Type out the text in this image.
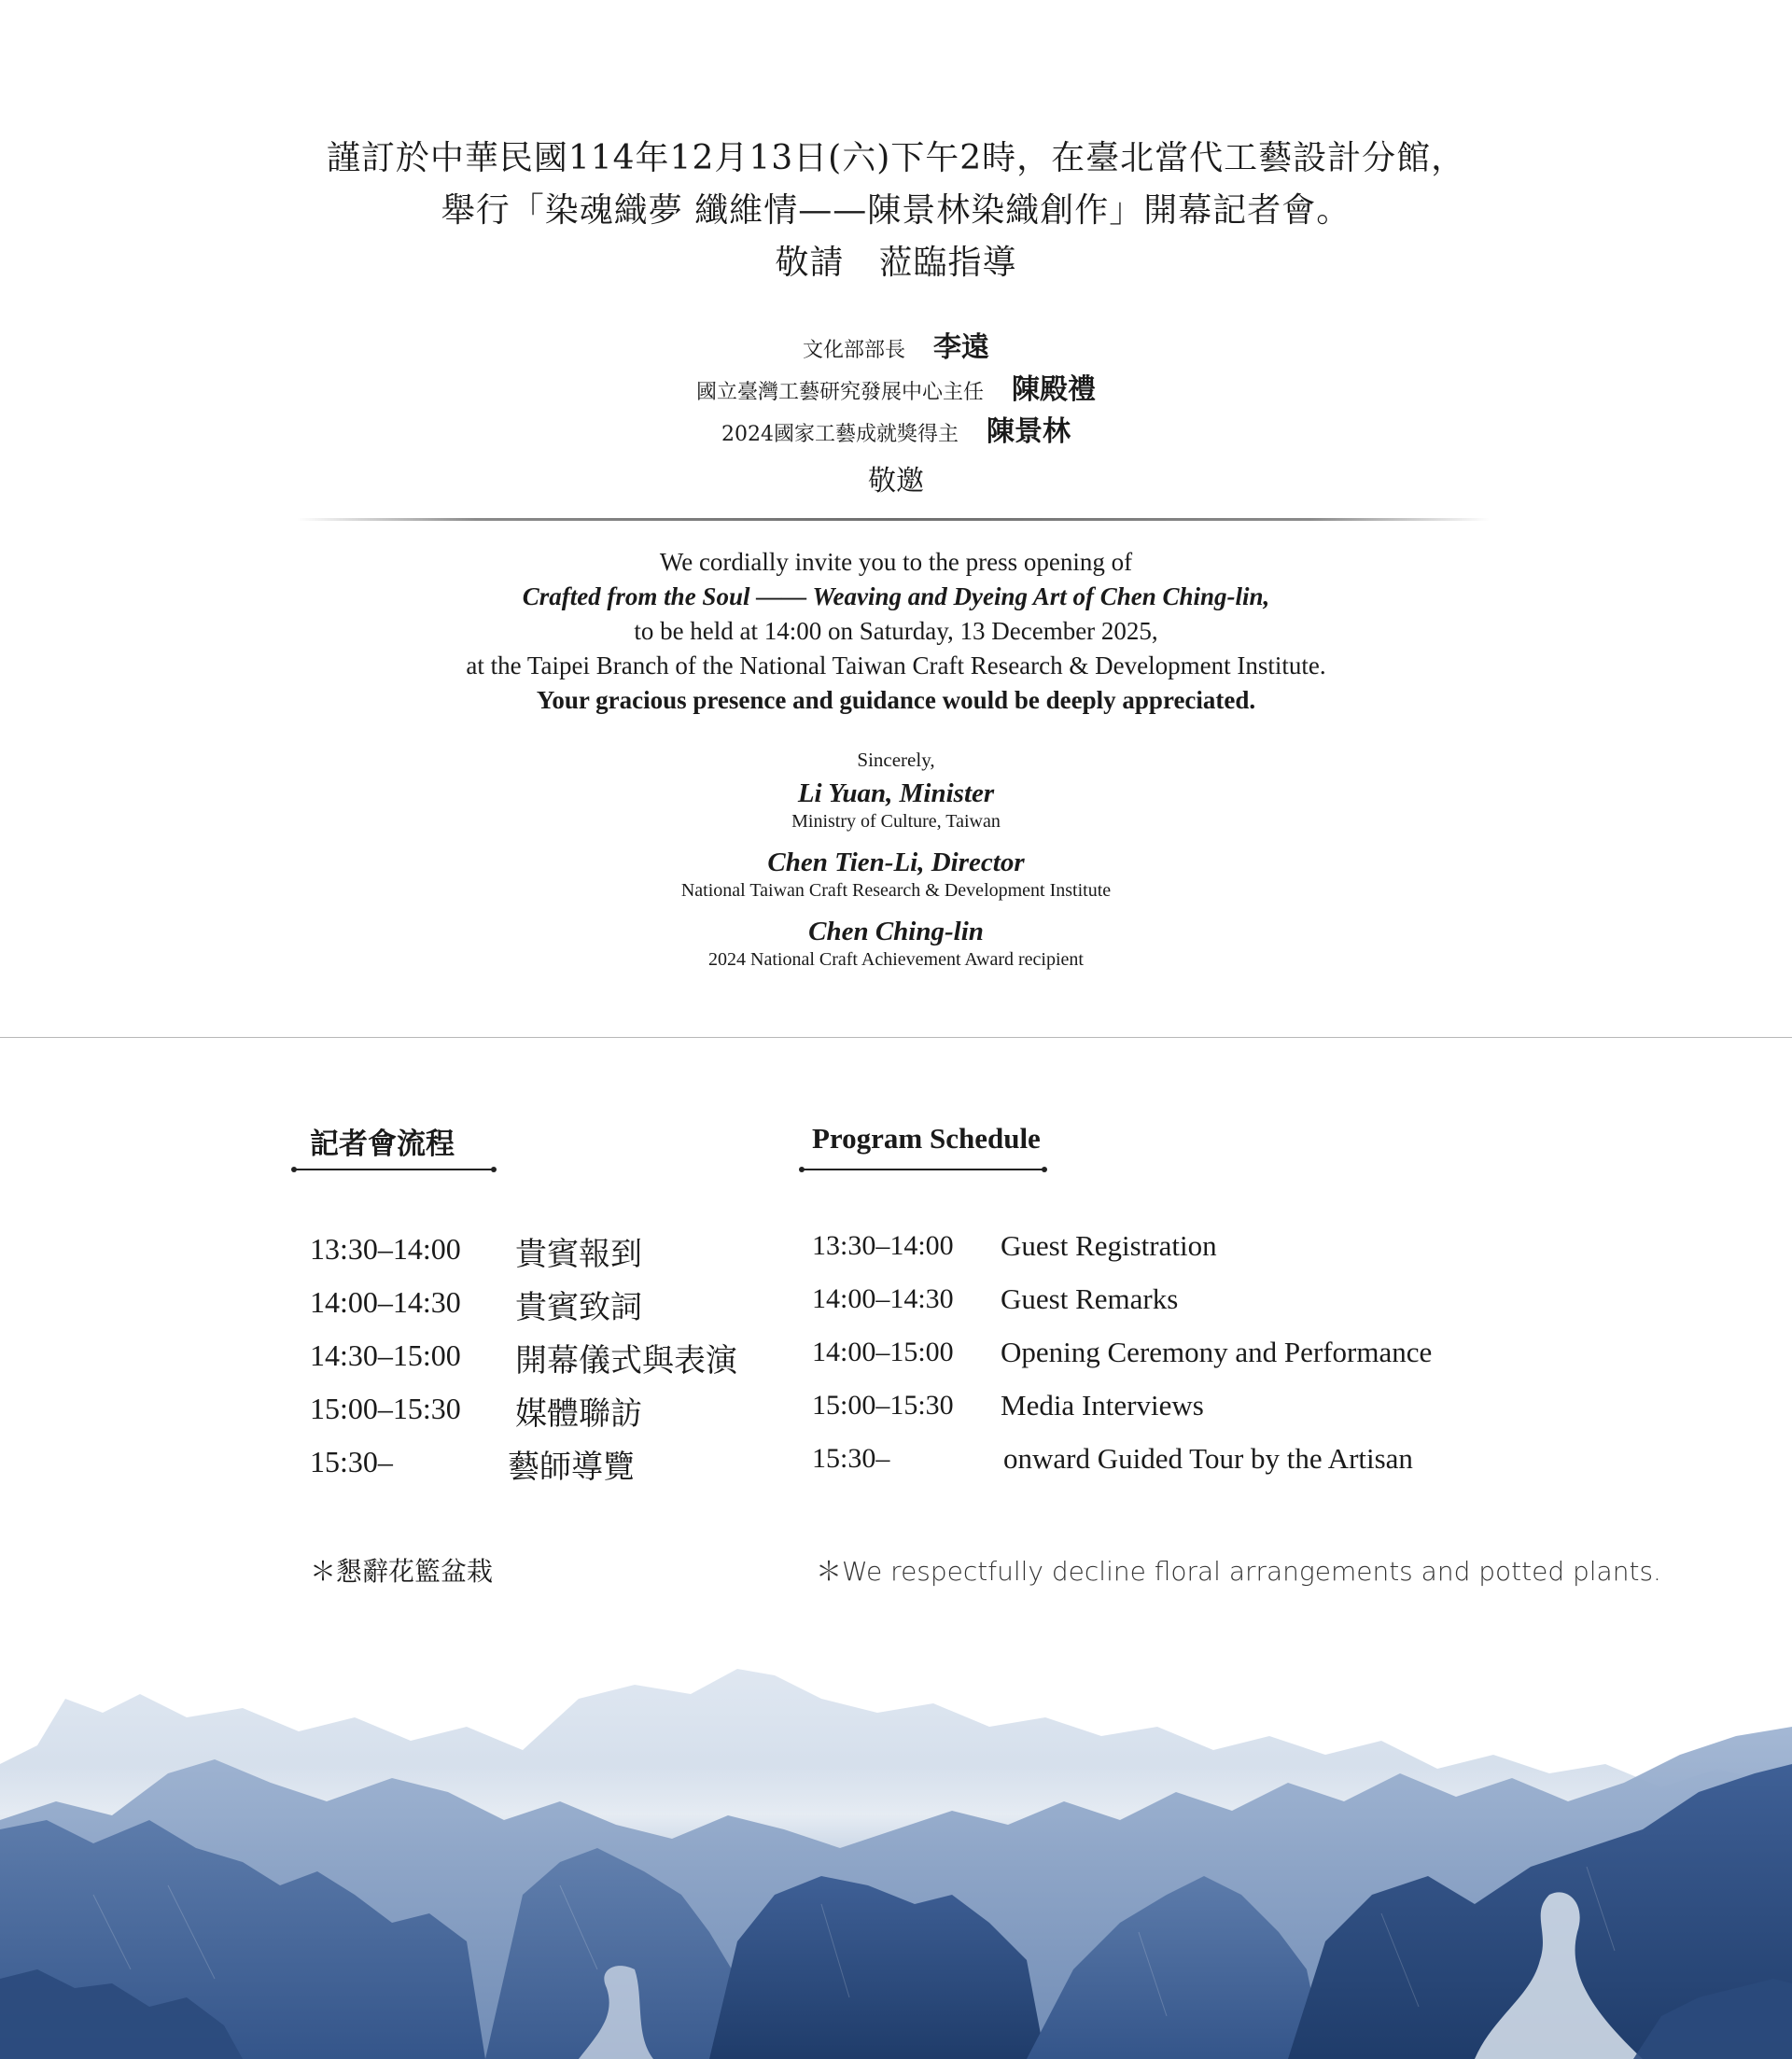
謹訂於中華民國114年12月13日(六)下午2時，在臺北當代工藝設計分館，
舉行「染魂織夢 纖維情——陳景林染織創作」開幕記者會。
敬請　蒞臨指導
文化部部長 李遠
國立臺灣工藝研究發展中心主任 陳殿禮
2024國家工藝成就獎得主 陳景林
敬邀
We cordially invite you to the press opening of
Crafted from the Soul —— Weaving and Dyeing Art of Chen Ching-lin,
to be held at 14:00 on Saturday, 13 December 2025,
at the Taipei Branch of the National Taiwan Craft Research & Development Institute.
Your gracious presence and guidance would be deeply appreciated.
Sincerely,
Li Yuan, Minister
Ministry of Culture, Taiwan
Chen Tien-Li, Director
National Taiwan Craft Research & Development Institute
Chen Ching-lin
2024 National Craft Achievement Award recipient
記者會流程
13:30–14:00 貴賓報到
14:00–14:30 貴賓致詞
14:30–15:00 開幕儀式與表演
15:00–15:30 媒體聯訪
15:30–	藝師導覽
＊懇辭花籃盆栽
Program Schedule
13:30–14:00 Guest Registration
14:00–14:30 Guest Remarks
14:00–15:00 Opening Ceremony and Performance
15:00–15:30 Media Interviews
15:30–	onward Guided Tour by the Artisan
＊We respectfully decline floral arrangements and potted plants.
